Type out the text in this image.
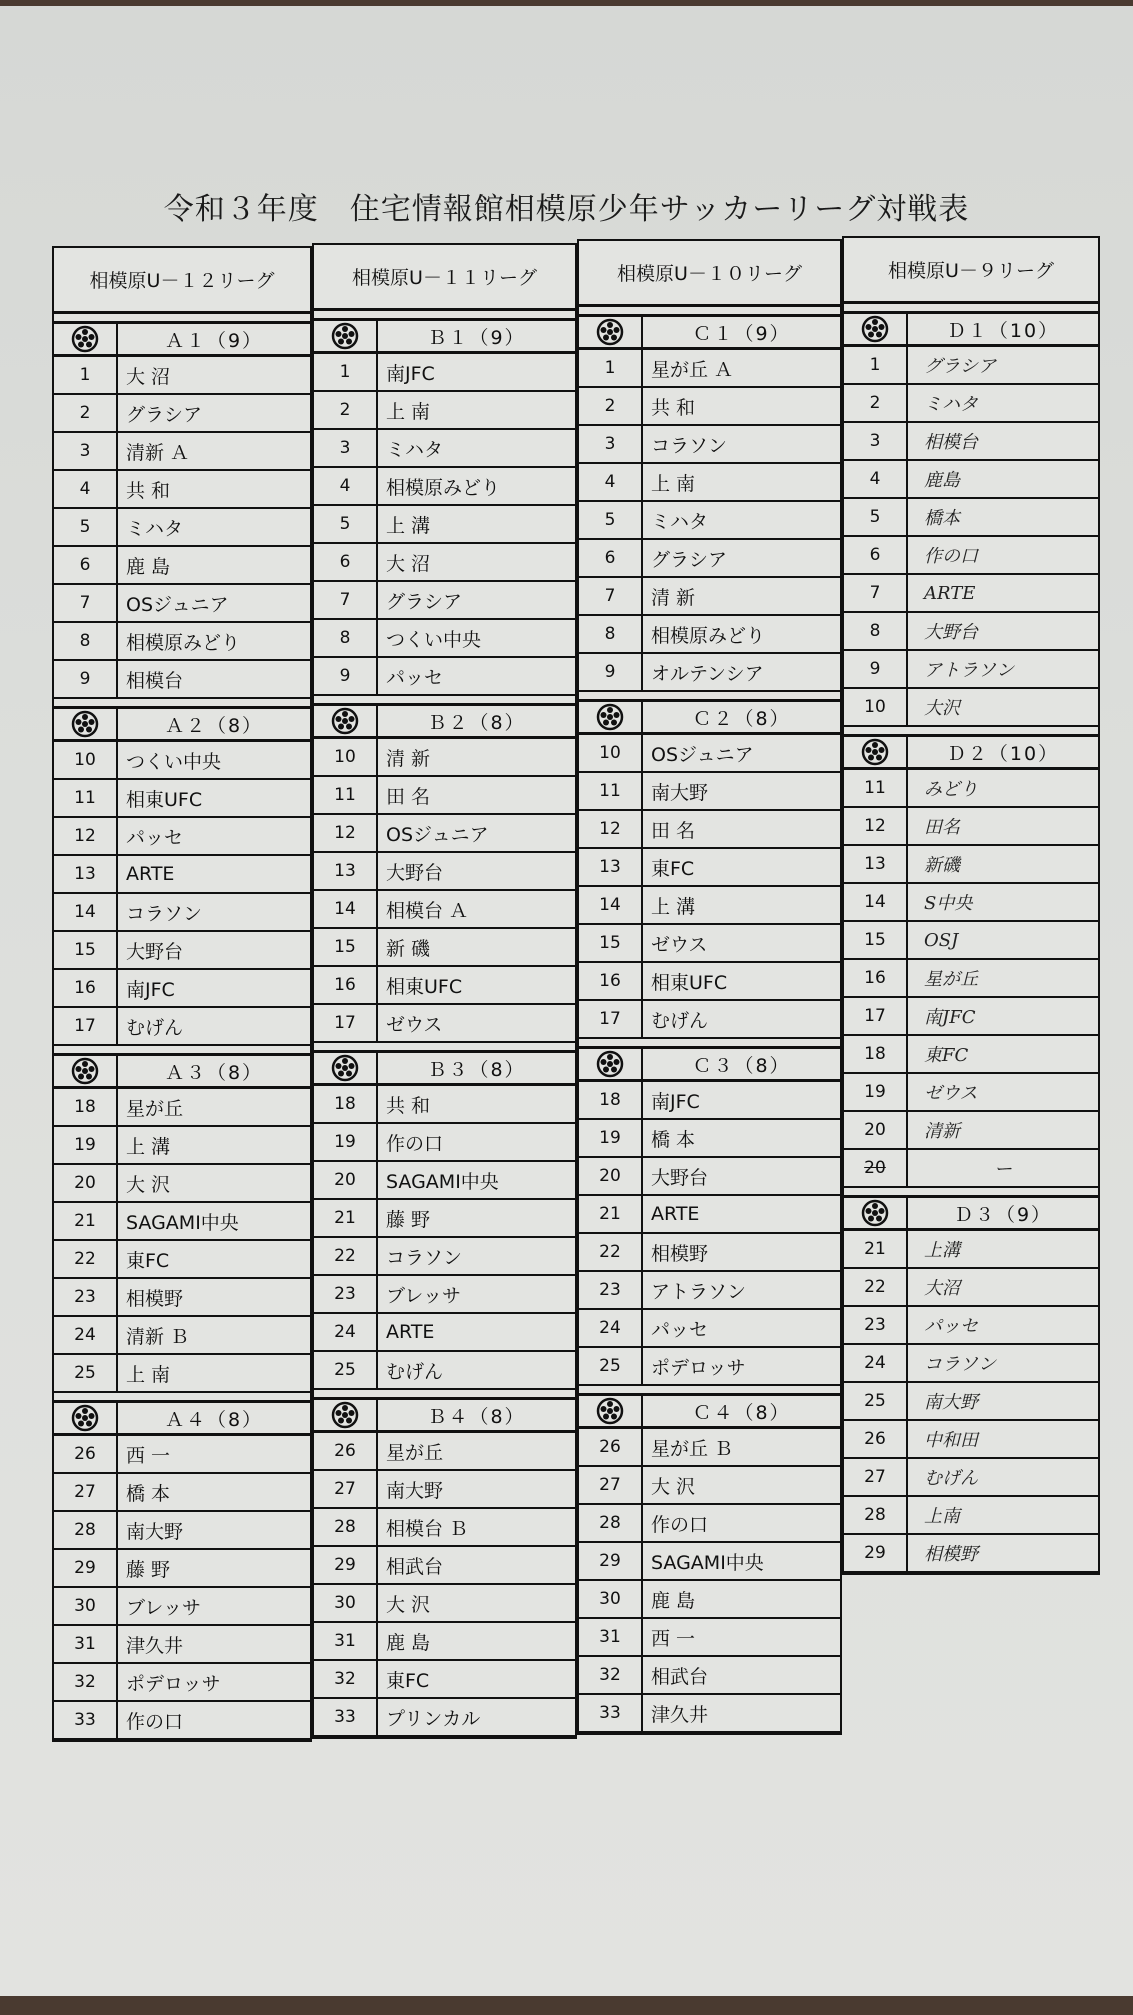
令和３年度　住宅情報館相模原少年サッカーリーグ対戦表
相模原U－１２リーグ
Ａ１（9）
1	大 沼
2	グラシア
3	清新 Ａ
4	共 和
5	ミハタ
6	鹿 島
7	OSジュニア
8	相模原みどり
9	相模台
Ａ２（8）
10	つくい中央
11	相東UFC
12	パッセ
13	ARTE
14	コラソン
15	大野台
16	南JFC
17	むげん
Ａ３（8）
18	星が丘
19	上 溝
20	大 沢
21	SAGAMI中央
22	東FC
23	相模野
24	清新 Ｂ
25	上 南
Ａ４（8）
26	西 一
27	橋 本
28	南大野
29	藤 野
30	ブレッサ
31	津久井
32	ポデロッサ
33	作の口
相模原U－１１リーグ
Ｂ１（9）
1	南JFC
2	上 南
3	ミハタ
4	相模原みどり
5	上 溝
6	大 沼
7	グラシア
8	つくい中央
9	パッセ
Ｂ２（8）
10	清 新
11	田 名
12	OSジュニア
13	大野台
14	相模台 Ａ
15	新 磯
16	相東UFC
17	ゼウス
Ｂ３（8）
18	共 和
19	作の口
20	SAGAMI中央
21	藤 野
22	コラソン
23	ブレッサ
24	ARTE
25	むげん
Ｂ４（8）
26	星が丘
27	南大野
28	相模台 Ｂ
29	相武台
30	大 沢
31	鹿 島
32	東FC
33	プリンカル
相模原U－１０リーグ
Ｃ１（9）
1	星が丘 Ａ
2	共 和
3	コラソン
4	上 南
5	ミハタ
6	グラシア
7	清 新
8	相模原みどり
9	オルテンシア
Ｃ２（8）
10	OSジュニア
11	南大野
12	田 名
13	東FC
14	上 溝
15	ゼウス
16	相東UFC
17	むげん
Ｃ３（8）
18	南JFC
19	橋 本
20	大野台
21	ARTE
22	相模野
23	アトラソン
24	パッセ
25	ポデロッサ
Ｃ４（8）
26	星が丘 Ｂ
27	大 沢
28	作の口
29	SAGAMI中央
30	鹿 島
31	西 一
32	相武台
33	津久井
相模原U－９リーグ
Ｄ１（10）
1	グラシア
2	ミハタ
3	相模台
4	鹿島
5	橋本
6	作の口
7	ARTE
8	大野台
9	アトラソン
10	大沢
Ｄ２（10）
11	みどり
12	田名
13	新磯
14	S中央
15	OSJ
16	星が丘
17	南JFC
18	東FC
19	ゼウス
20	清新
20	ー
Ｄ３（9）
21	上溝
22	大沼
23	パッセ
24	コラソン
25	南大野
26	中和田
27	むげん
28	上南
29	相模野
